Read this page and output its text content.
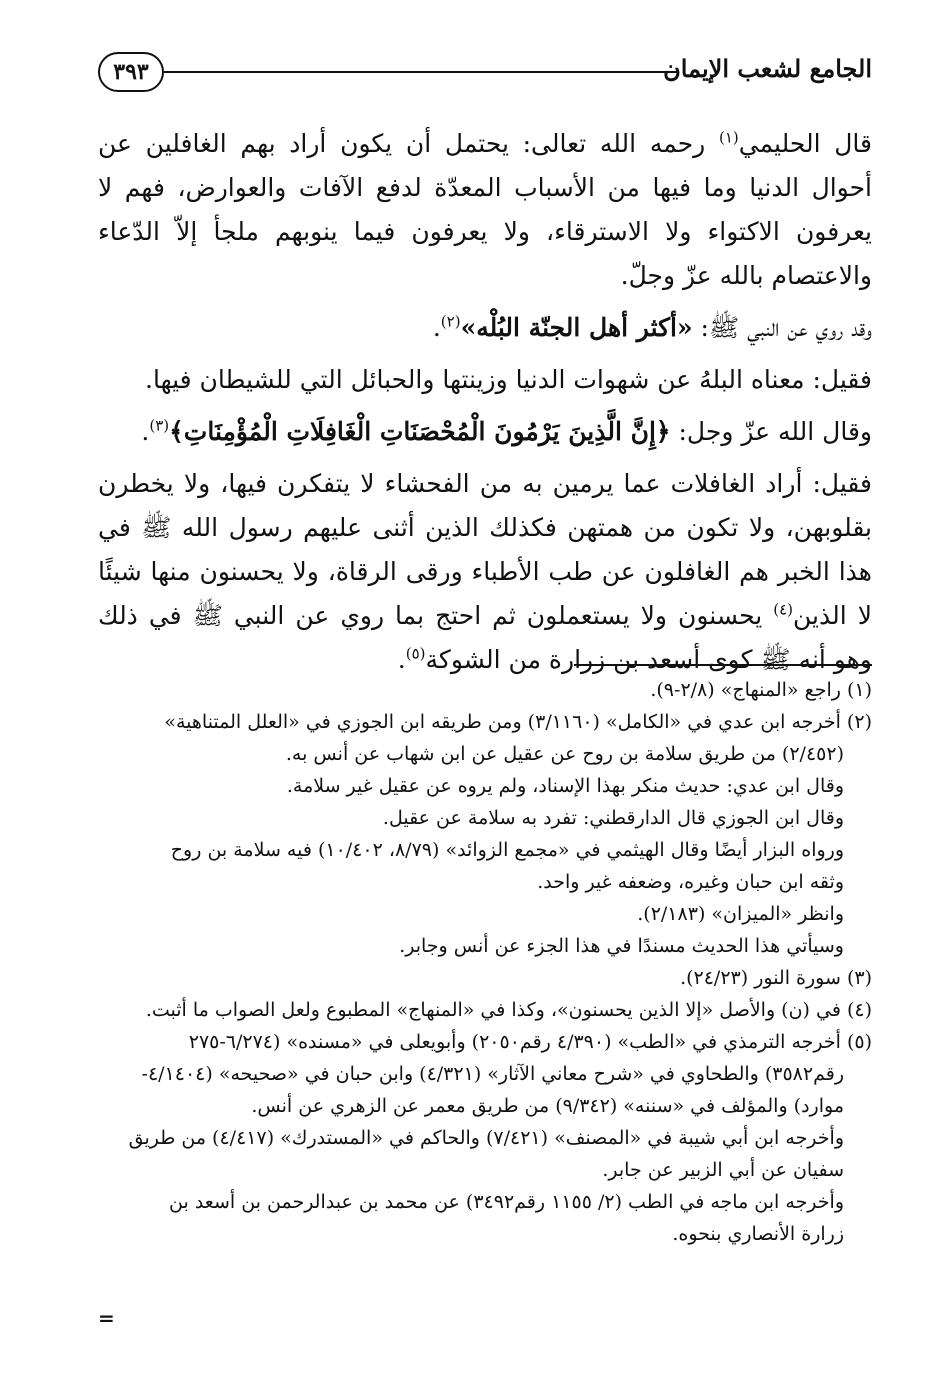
٣٩٣	الجامع لشعب الإيمان

قال الحليمي$^{(١)}$ رحمه الله تعالى: يحتمل أن يكون أراد بهم الغافلين عن أحوال الدنيا وما فيها من الأسباب المعدّة لدفع الآفات والعوارض، فهم لا يعرفون الاكتواء ولا الاسترقاء، ولا يعرفون فيما ينوبهم ملجأ إلاّ الدّعاء والاعتصام بالله عزّ وجلّ.

وقد روي عن النبي ﷺ: «أكثر أهل الجنّة البُلْه»$^{(٢)}$.

فقيل: معناه البلهُ عن شهوات الدنيا وزينتها والحبائل التي للشيطان فيها.

وقال الله عزّ وجل: ﴿إِنَّ الَّذِينَ يَرْمُونَ الْمُحْصَنَاتِ الْغَافِلَاتِ الْمُؤْمِنَاتِ﴾$^{(٣)}$.

فقيل: أراد الغافلات عما يرمين به من الفحشاء لا يتفكرن فيها، ولا يخطرن بقلوبهن، ولا تكون من همتهن فكذلك الذين أثنى عليهم رسول الله ﷺ في هذا الخبر هم الغافلون عن طب الأطباء ورقى الرقاة، ولا يحسنون منها شيئًا لا الذين$^{(٤)}$ يحسنون ولا يستعملون ثم احتج بما روي عن النبي ﷺ في ذلك وهو أنه ﷺ كوى أسعد بن زرارة من الشوكة$^{(٥)}$.

(١) راجع «المنهاج» (٢/٨-٩).
(٢) أخرجه ابن عدي في «الكامل» (٣/١١٦٠) ومن طريقه ابن الجوزي في «العلل المتناهية»
(٢/٤٥٢) من طريق سلامة بن روح عن عقيل عن ابن شهاب عن أنس به.
وقال ابن عدي: حديث منكر بهذا الإسناد، ولم يروه عن عقيل غير سلامة.
وقال ابن الجوزي قال الدارقطني: تفرد به سلامة عن عقيل.
ورواه البزار أيضًا وقال الهيثمي في «مجمع الزوائد» (٨/٧٩، ١٠/٤٠٢) فيه سلامة بن روح
وثقه ابن حبان وغيره، وضعفه غير واحد.
وانظر «الميزان» (٢/١٨٣).
وسيأتي هذا الحديث مسندًا في هذا الجزء عن أنس وجابر.
(٣) سورة النور (٢٤/٢٣).
(٤) في (ن) والأصل «إلا الذين يحسنون»، وكذا في «المنهاج» المطبوع ولعل الصواب ما أثبت.
(٥) أخرجه الترمذي في «الطب» (٤/٣٩٠ رقم٢٠٥٠) وأبويعلى في «مسنده» (٦/٢٧٤-٢٧٥
رقم٣٥٨٢) والطحاوي في «شرح معاني الآثار» (٤/٣٢١) وابن حبان في «صحيحه» (٤/١٤٠٤-
موارد) والمؤلف في «سننه» (٩/٣٤٢) من طريق معمر عن الزهري عن أنس.
وأخرجه ابن أبي شيبة في «المصنف» (٧/٤٢١) والحاكم في «المستدرك» (٤/٤١٧) من طريق
سفيان عن أبي الزبير عن جابر.
وأخرجه ابن ماجه في الطب (٢/ ١١٥٥ رقم٣٤٩٢) عن محمد بن عبدالرحمن بن أسعد بن
زرارة الأنصاري بنحوه.
=
